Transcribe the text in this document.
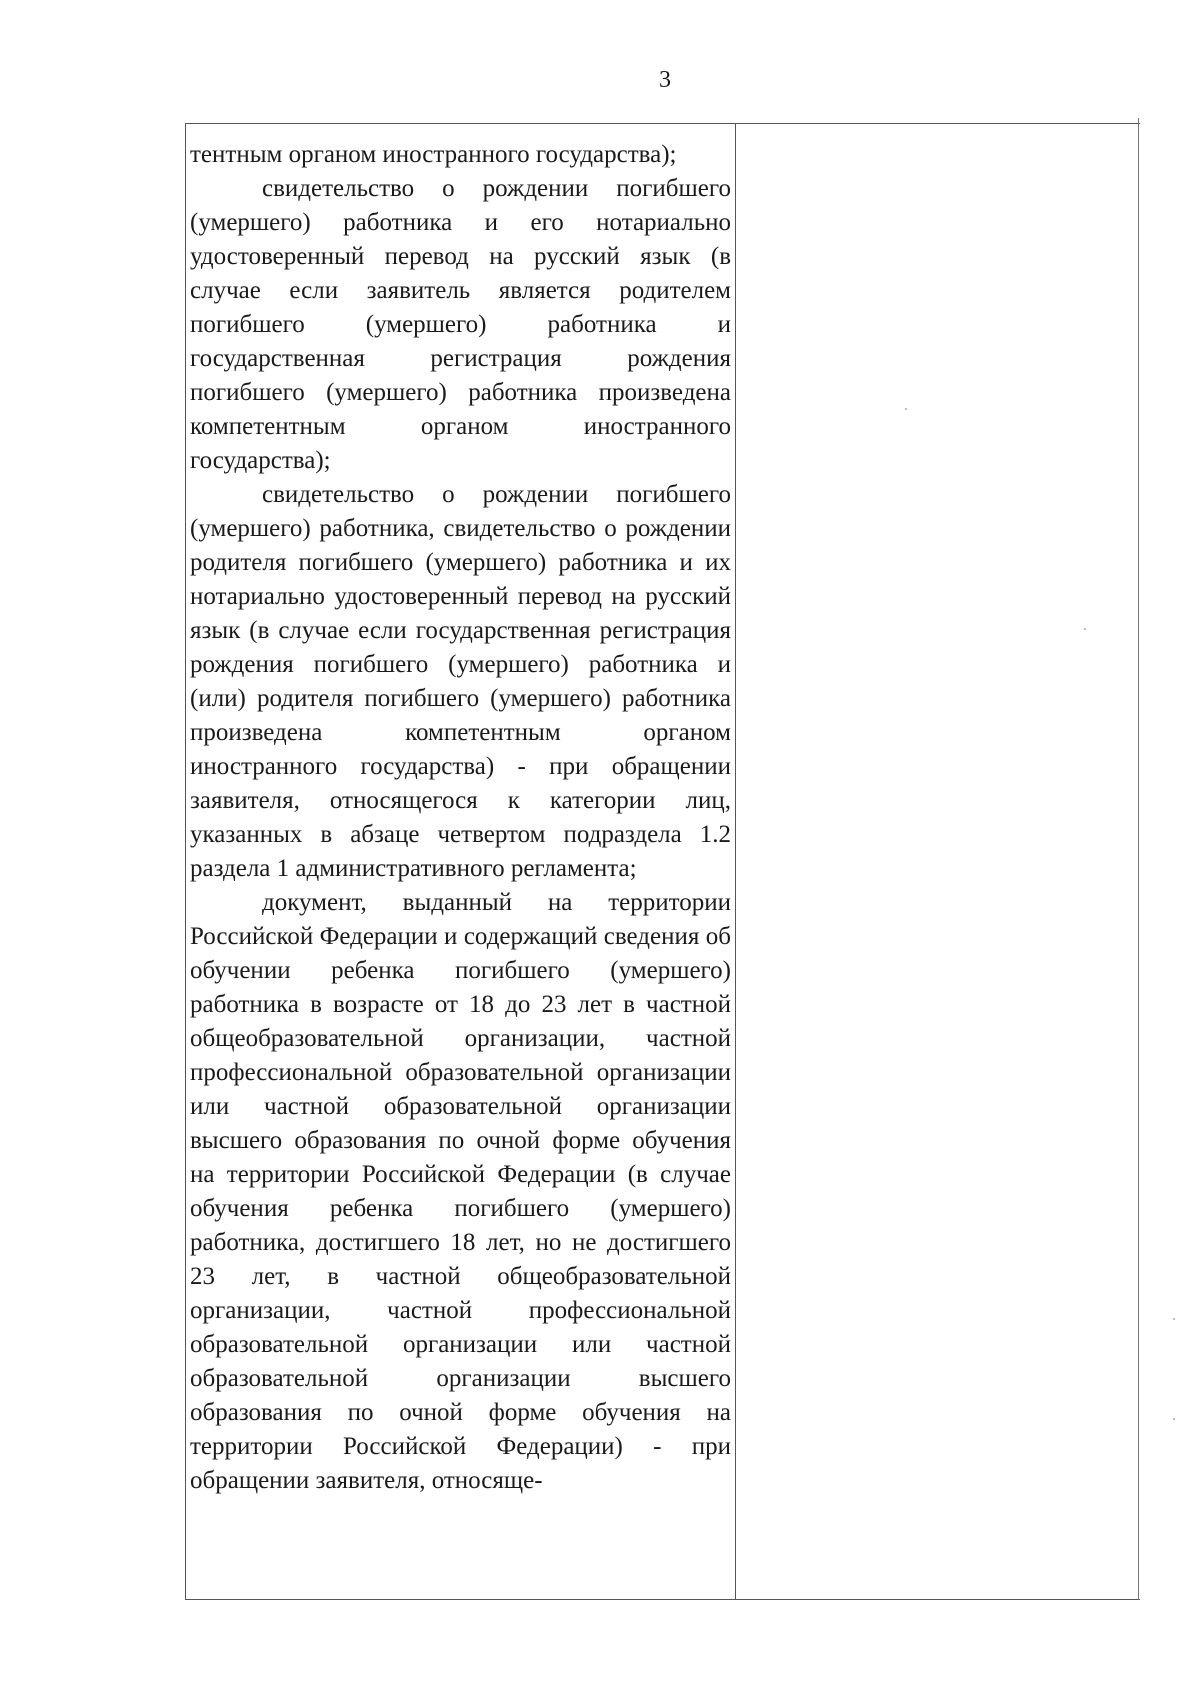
3

тентным органом иностранного государства);

свидетельство о рождении погибшего (умершего) работника и его нотариально удостоверенный перевод на русский язык (в случае если заявитель является родителем погибшего (умершего) работника и государственная регистрация рождения погибшего (умершего) работника произведена компетентным органом иностранного государства);

свидетельство о рождении погибшего (умершего) работника, свидетельство о рождении родителя погибшего (умершего) работника и их нотариально удостоверенный перевод на русский язык (в случае если государственная регистрация рождения погибшего (умершего) работника и (или) родителя погибшего (умершего) работника произведена компетентным органом иностранного государства) - при обращении заявителя, относящегося к категории лиц, указанных в абзаце четвертом подраздела 1.2 раздела 1 административного регламента;

документ, выданный на территории Российской Федерации и содержащий сведения об обучении ребенка погибшего (умершего) работника в возрасте от 18 до 23 лет в частной общеобразовательной организации, частной профессиональной образовательной организации или частной образовательной организации высшего образования по очной форме обучения на территории Российской Федерации (в случае обучения ребенка погибшего (умершего) работника, достигшего 18 лет, но не достигшего 23 лет, в частной общеобразовательной организации, частной профессиональной образовательной организации или частной образовательной организации высшего образования по очной форме обучения на территории Российской Федерации) - при обращении заявителя, относяще-
